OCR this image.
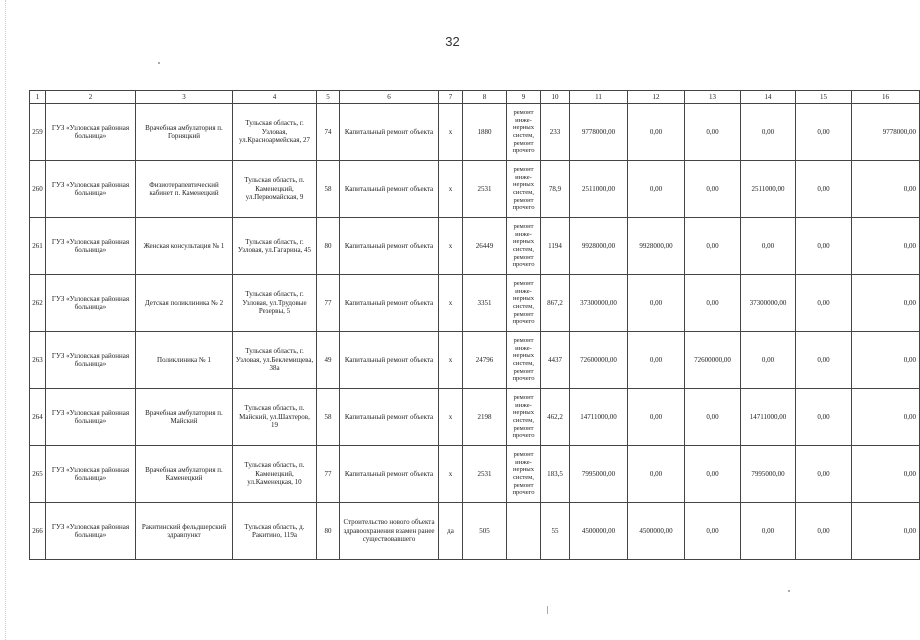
32
1	2	3	4	5	6	7	8	9	10	11	12	13	14	15	16
259	ГУЗ «Узловская районная больница»	Врачебная амбулатория п. Горняцкий	Тульская область, г. Узловая, ул.Красноармейская, 27	74	Капитальный ремонт объекта	х	1880	ремонт инже-нерных систем, ремонт прочего	233	9778000,00	0,00	0,00	0,00	0,00	9778000,00
260	ГУЗ «Узловская районная больница»	Физиотерапевтический кабинет п. Каменецкий	Тульская область, п. Каменецкий, ул.Первомайская, 9	58	Капитальный ремонт объекта	х	2531	ремонт инже-нерных систем, ремонт прочего	78,9	2511000,00	0,00	0,00	2511000,00	0,00	0,00
261	ГУЗ «Узловская районная больница»	Женская консультация № 1	Тульская область, г. Узловая, ул.Гагарина, 45	80	Капитальный ремонт объекта	х	26449	ремонт инже-нерных систем, ремонт прочего	1194	9928000,00	9928000,00	0,00	0,00	0,00	0,00
262	ГУЗ «Узловская районная больница»	Детская поликлиника № 2	Тульская область, г. Узловая, ул.Трудовые Резервы, 5	77	Капитальный ремонт объекта	х	3351	ремонт инже-нерных систем, ремонт прочего	867,2	37300000,00	0,00	0,00	37300000,00	0,00	0,00
263	ГУЗ «Узловская районная больница»	Поликлиника № 1	Тульская область, г. Узловая, ул.Беклемищева, 38а	49	Капитальный ремонт объекта	х	24796	ремонт инже-нерных систем, ремонт прочего	4437	72600000,00	0,00	72600000,00	0,00	0,00	0,00
264	ГУЗ «Узловская районная больница»	Врачебная амбулатория п. Майский	Тульская область, п. Майский, ул.Шахтеров, 19	58	Капитальный ремонт объекта	х	2198	ремонт инже-нерных систем, ремонт прочего	462,2	14711000,00	0,00	0,00	14711000,00	0,00	0,00
265	ГУЗ «Узловская районная больница»	Врачебная амбулатория п. Каменецкий	Тульская область, п. Каменецкий, ул.Каменецкая, 10	77	Капитальный ремонт объекта	х	2531	ремонт инже-нерных систем, ремонт прочего	183,5	7995000,00	0,00	0,00	7995000,00	0,00	0,00
266	ГУЗ «Узловская районная больница»	Ракитинский фельдшерский здравпункт	Тульская область, д. Ракитино, 119а	80	Строительство нового объекта здравоохранения взамен ранее существовавшего	да	505		55	4500000,00	4500000,00	0,00	0,00	0,00	0,00
